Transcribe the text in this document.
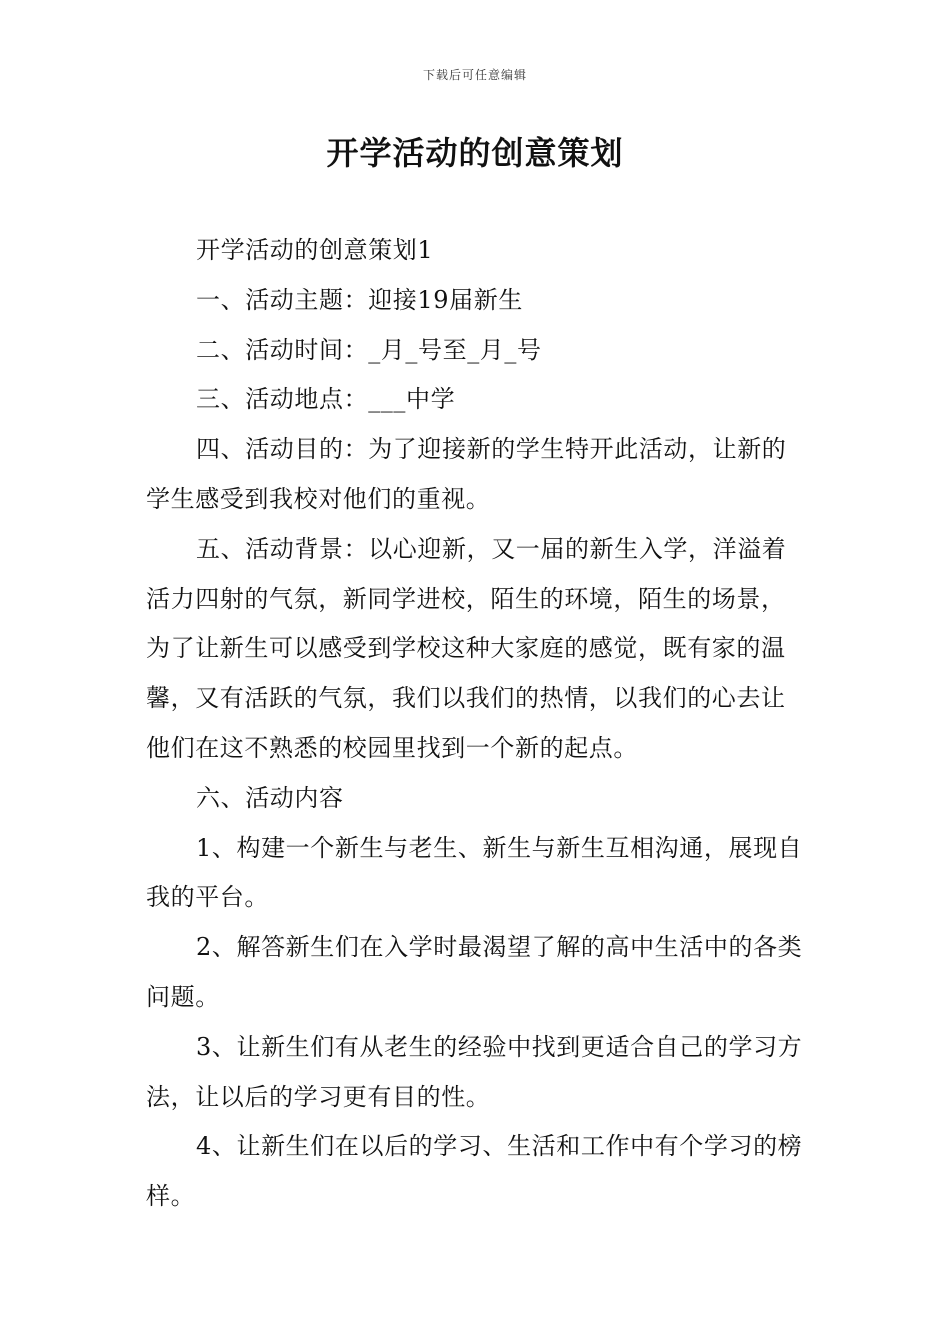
下载后可任意编辑
开学活动的创意策划

开学活动的创意策划1

一、活动主题：迎接19届新生

二、活动时间：_月_号至_月_号

三、活动地点：___中学

四、活动目的：为了迎接新的学生特开此活动，让新的学生感受到我校对他们的重视。

五、活动背景：以心迎新，又一届的新生入学，洋溢着活力四射的气氛，新同学进校，陌生的环境，陌生的场景，为了让新生可以感受到学校这种大家庭的感觉，既有家的温馨，又有活跃的气氛，我们以我们的热情，以我们的心去让他们在这不熟悉的校园里找到一个新的起点。

六、活动内容

1、构建一个新生与老生、新生与新生互相沟通，展现自我的平台。

2、解答新生们在入学时最渴望了解的高中生活中的各类问题。

3、让新生们有从老生的经验中找到更适合自己的学习方法，让以后的学习更有目的性。

4、让新生们在以后的学习、生活和工作中有个学习的榜样。
